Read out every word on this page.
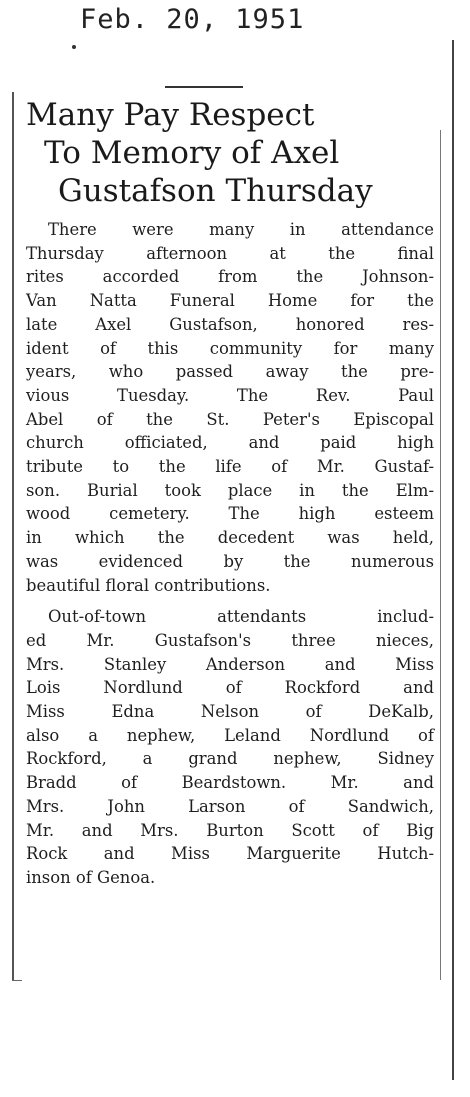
Feb. 20, 1951
Many Pay Respect
To Memory of Axel
Gustafson Thursday
There were many in attendance
Thursday afternoon at the final
rites accorded from the Johnson-
Van Natta Funeral Home for the
late Axel Gustafson, honored res-
ident of this community for many
years, who passed away the pre-
vious Tuesday. The Rev. Paul
Abel of the St. Peter's Episcopal
church officiated, and paid high
tribute to the life of Mr. Gustaf-
son. Burial took place in the Elm-
wood cemetery. The high esteem
in which the decedent was held,
was evidenced by the numerous
beautiful floral contributions.
Out-of-town attendants includ-
ed Mr. Gustafson's three nieces,
Mrs. Stanley Anderson and Miss
Lois Nordlund of Rockford and
Miss Edna Nelson of DeKalb,
also a nephew, Leland Nordlund of
Rockford, a grand nephew, Sidney
Bradd of Beardstown. Mr. and
Mrs. John Larson of Sandwich,
Mr. and Mrs. Burton Scott of Big
Rock and Miss Marguerite Hutch-
inson of Genoa.
